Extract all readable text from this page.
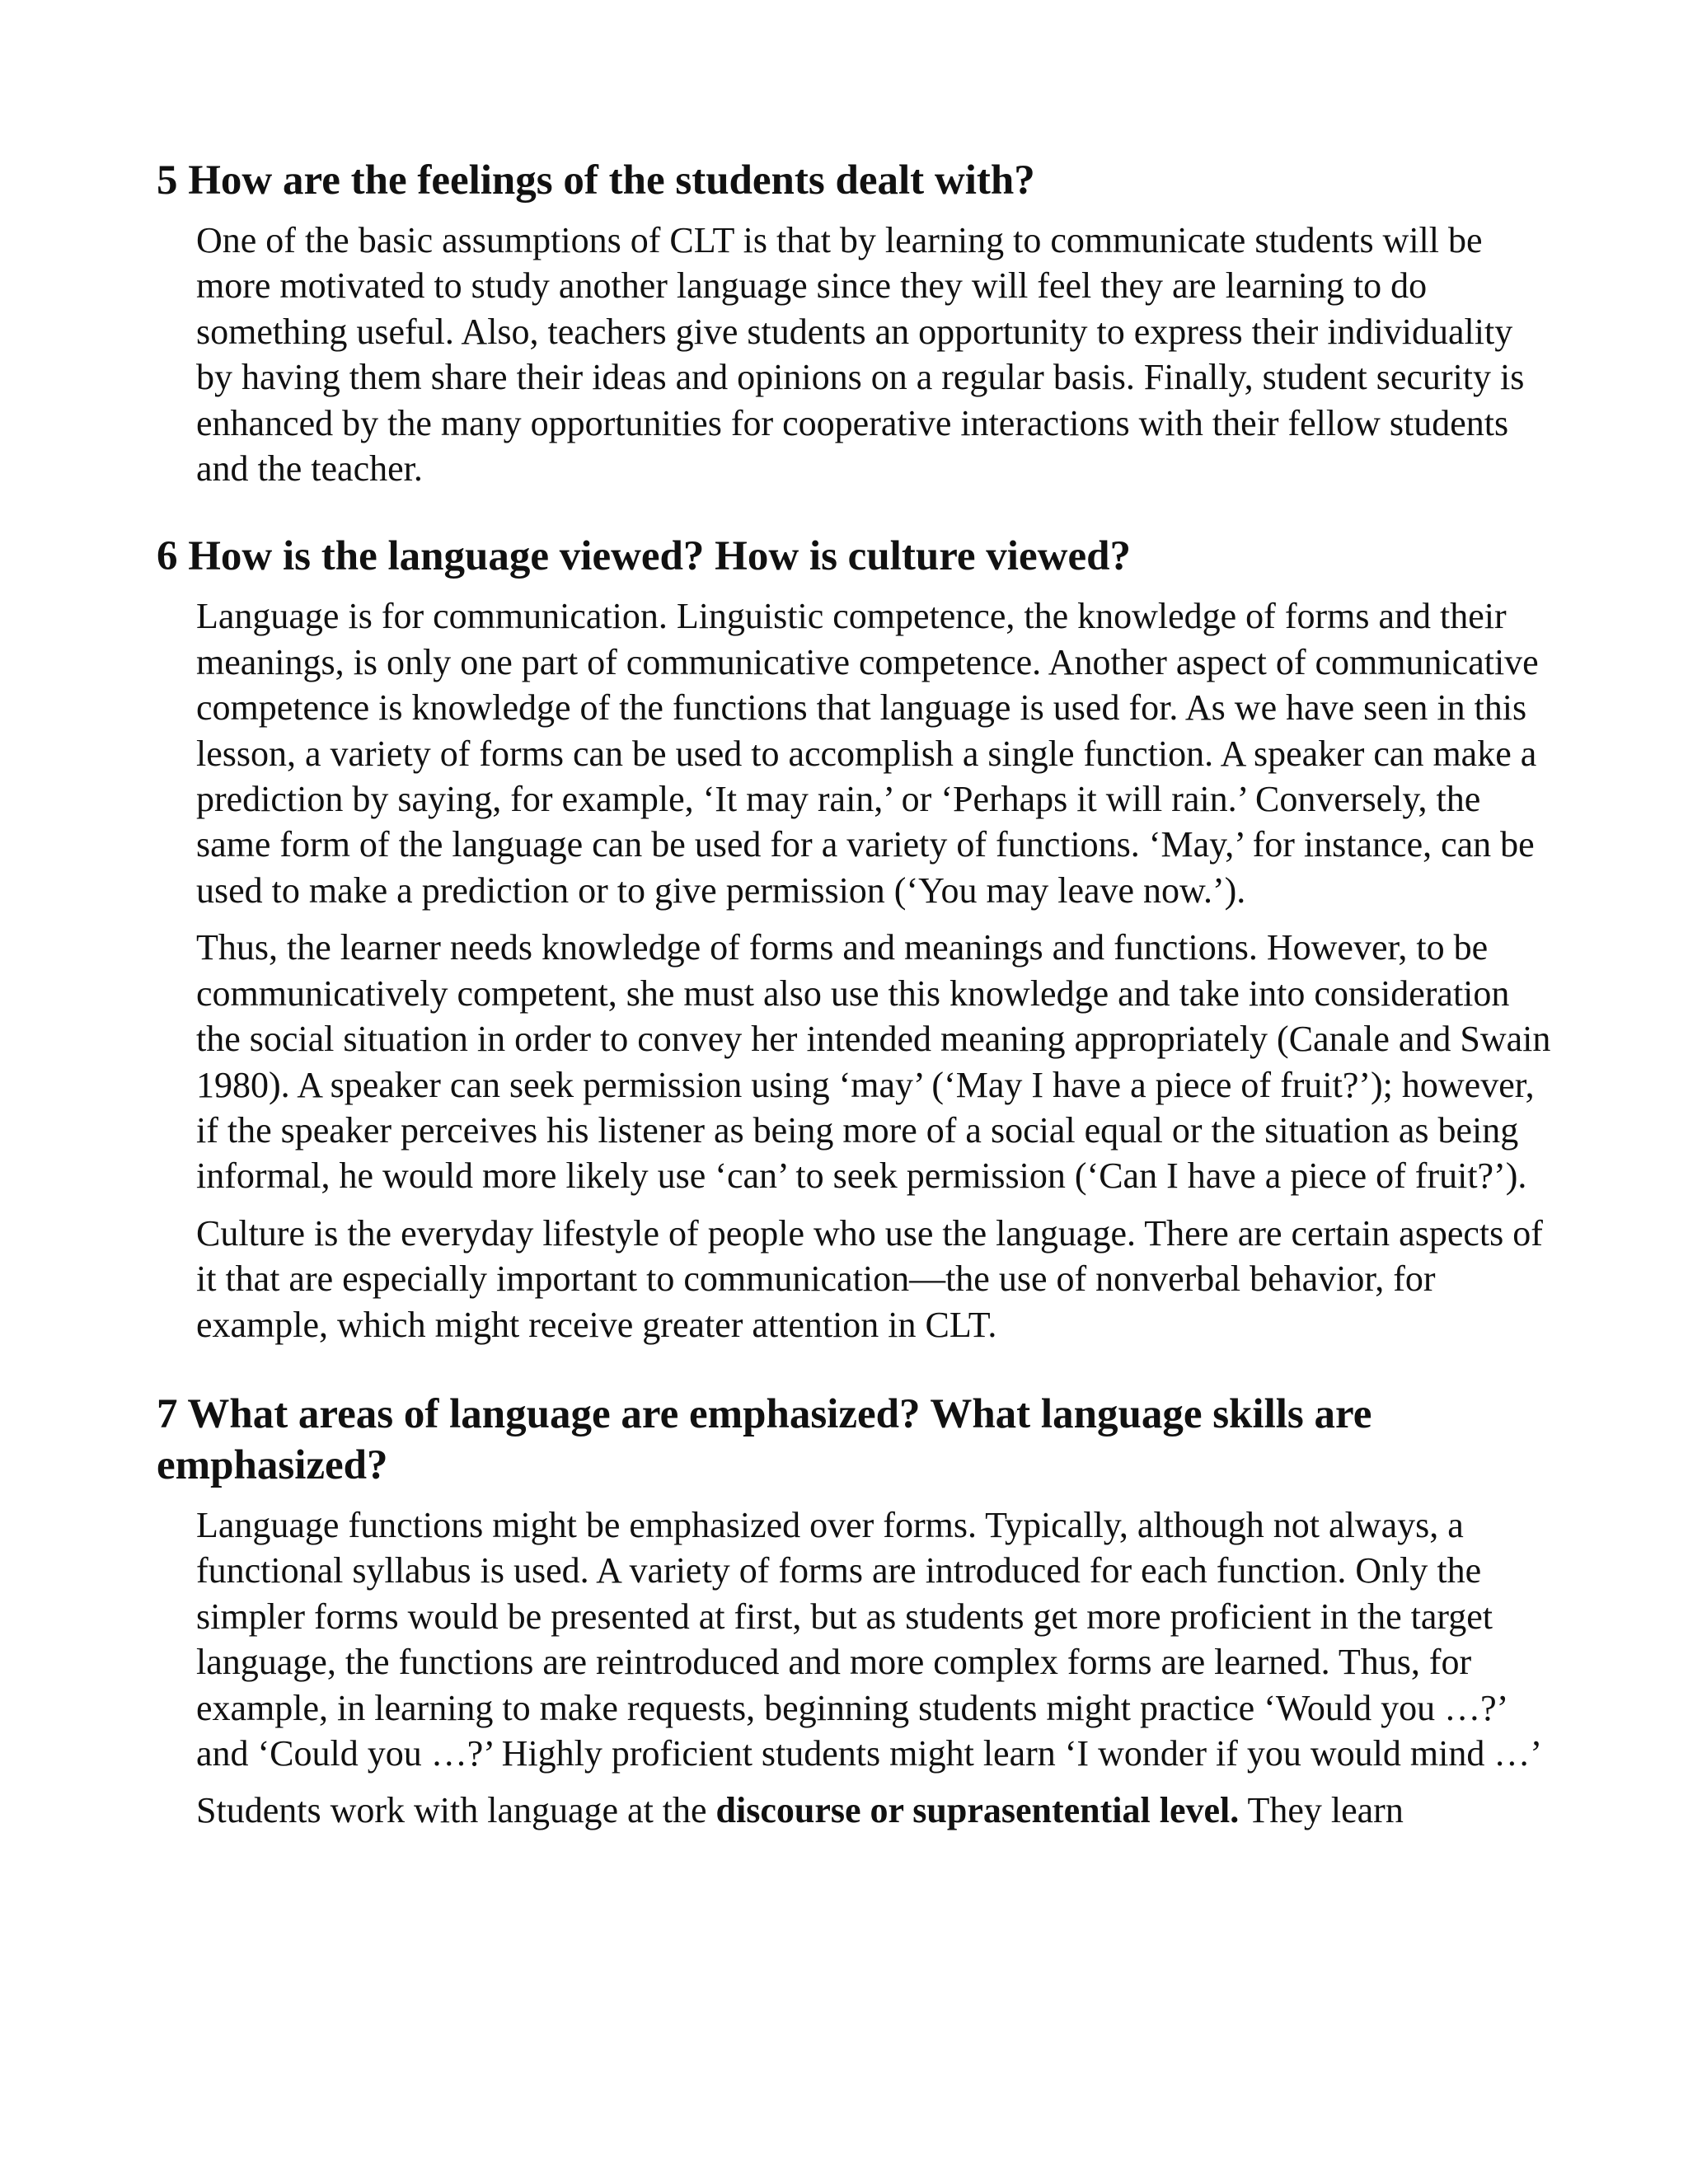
5 How are the feelings of the students dealt with?

One of the basic assumptions of CLT is that by learning to communicate students will be more motivated to study another language since they will feel they are learning to do something useful. Also, teachers give students an opportunity to express their individuality by having them share their ideas and opinions on a regular basis. Finally, student security is enhanced by the many opportunities for cooperative interactions with their fellow students and the teacher.

6 How is the language viewed? How is culture viewed?

Language is for communication. Linguistic competence, the knowledge of forms and their meanings, is only one part of communicative competence. Another aspect of communicative competence is knowledge of the functions that language is used for. As we have seen in this lesson, a variety of forms can be used to accomplish a single function. A speaker can make a prediction by saying, for example, ‘It may rain,’ or ‘Perhaps it will rain.’ Conversely, the same form of the language can be used for a variety of functions. ‘May,’ for instance, can be used to make a prediction or to give permission (‘You may leave now.’).

Thus, the learner needs knowledge of forms and meanings and functions. However, to be communicatively competent, she must also use this knowledge and take into consideration the social situation in order to convey her intended meaning appropriately (Canale and Swain 1980). A speaker can seek permission using ‘may’ (‘May I have a piece of fruit?’); however, if the speaker perceives his listener as being more of a social equal or the situation as being informal, he would more likely use ‘can’ to seek permission (‘Can I have a piece of fruit?’).

Culture is the everyday lifestyle of people who use the language. There are certain aspects of it that are especially important to communication—the use of nonverbal behavior, for example, which might receive greater attention in CLT.

7 What areas of language are emphasized? What language skills are emphasized?

Language functions might be emphasized over forms. Typically, although not always, a functional syllabus is used. A variety of forms are introduced for each function. Only the simpler forms would be presented at first, but as students get more proficient in the target language, the functions are reintroduced and more complex forms are learned. Thus, for example, in learning to make requests, beginning students might practice ‘Would you …?’ and ‘Could you …?’ Highly proficient students might learn ‘I wonder if you would mind …’

Students work with language at the discourse or suprasentential level. They learn
